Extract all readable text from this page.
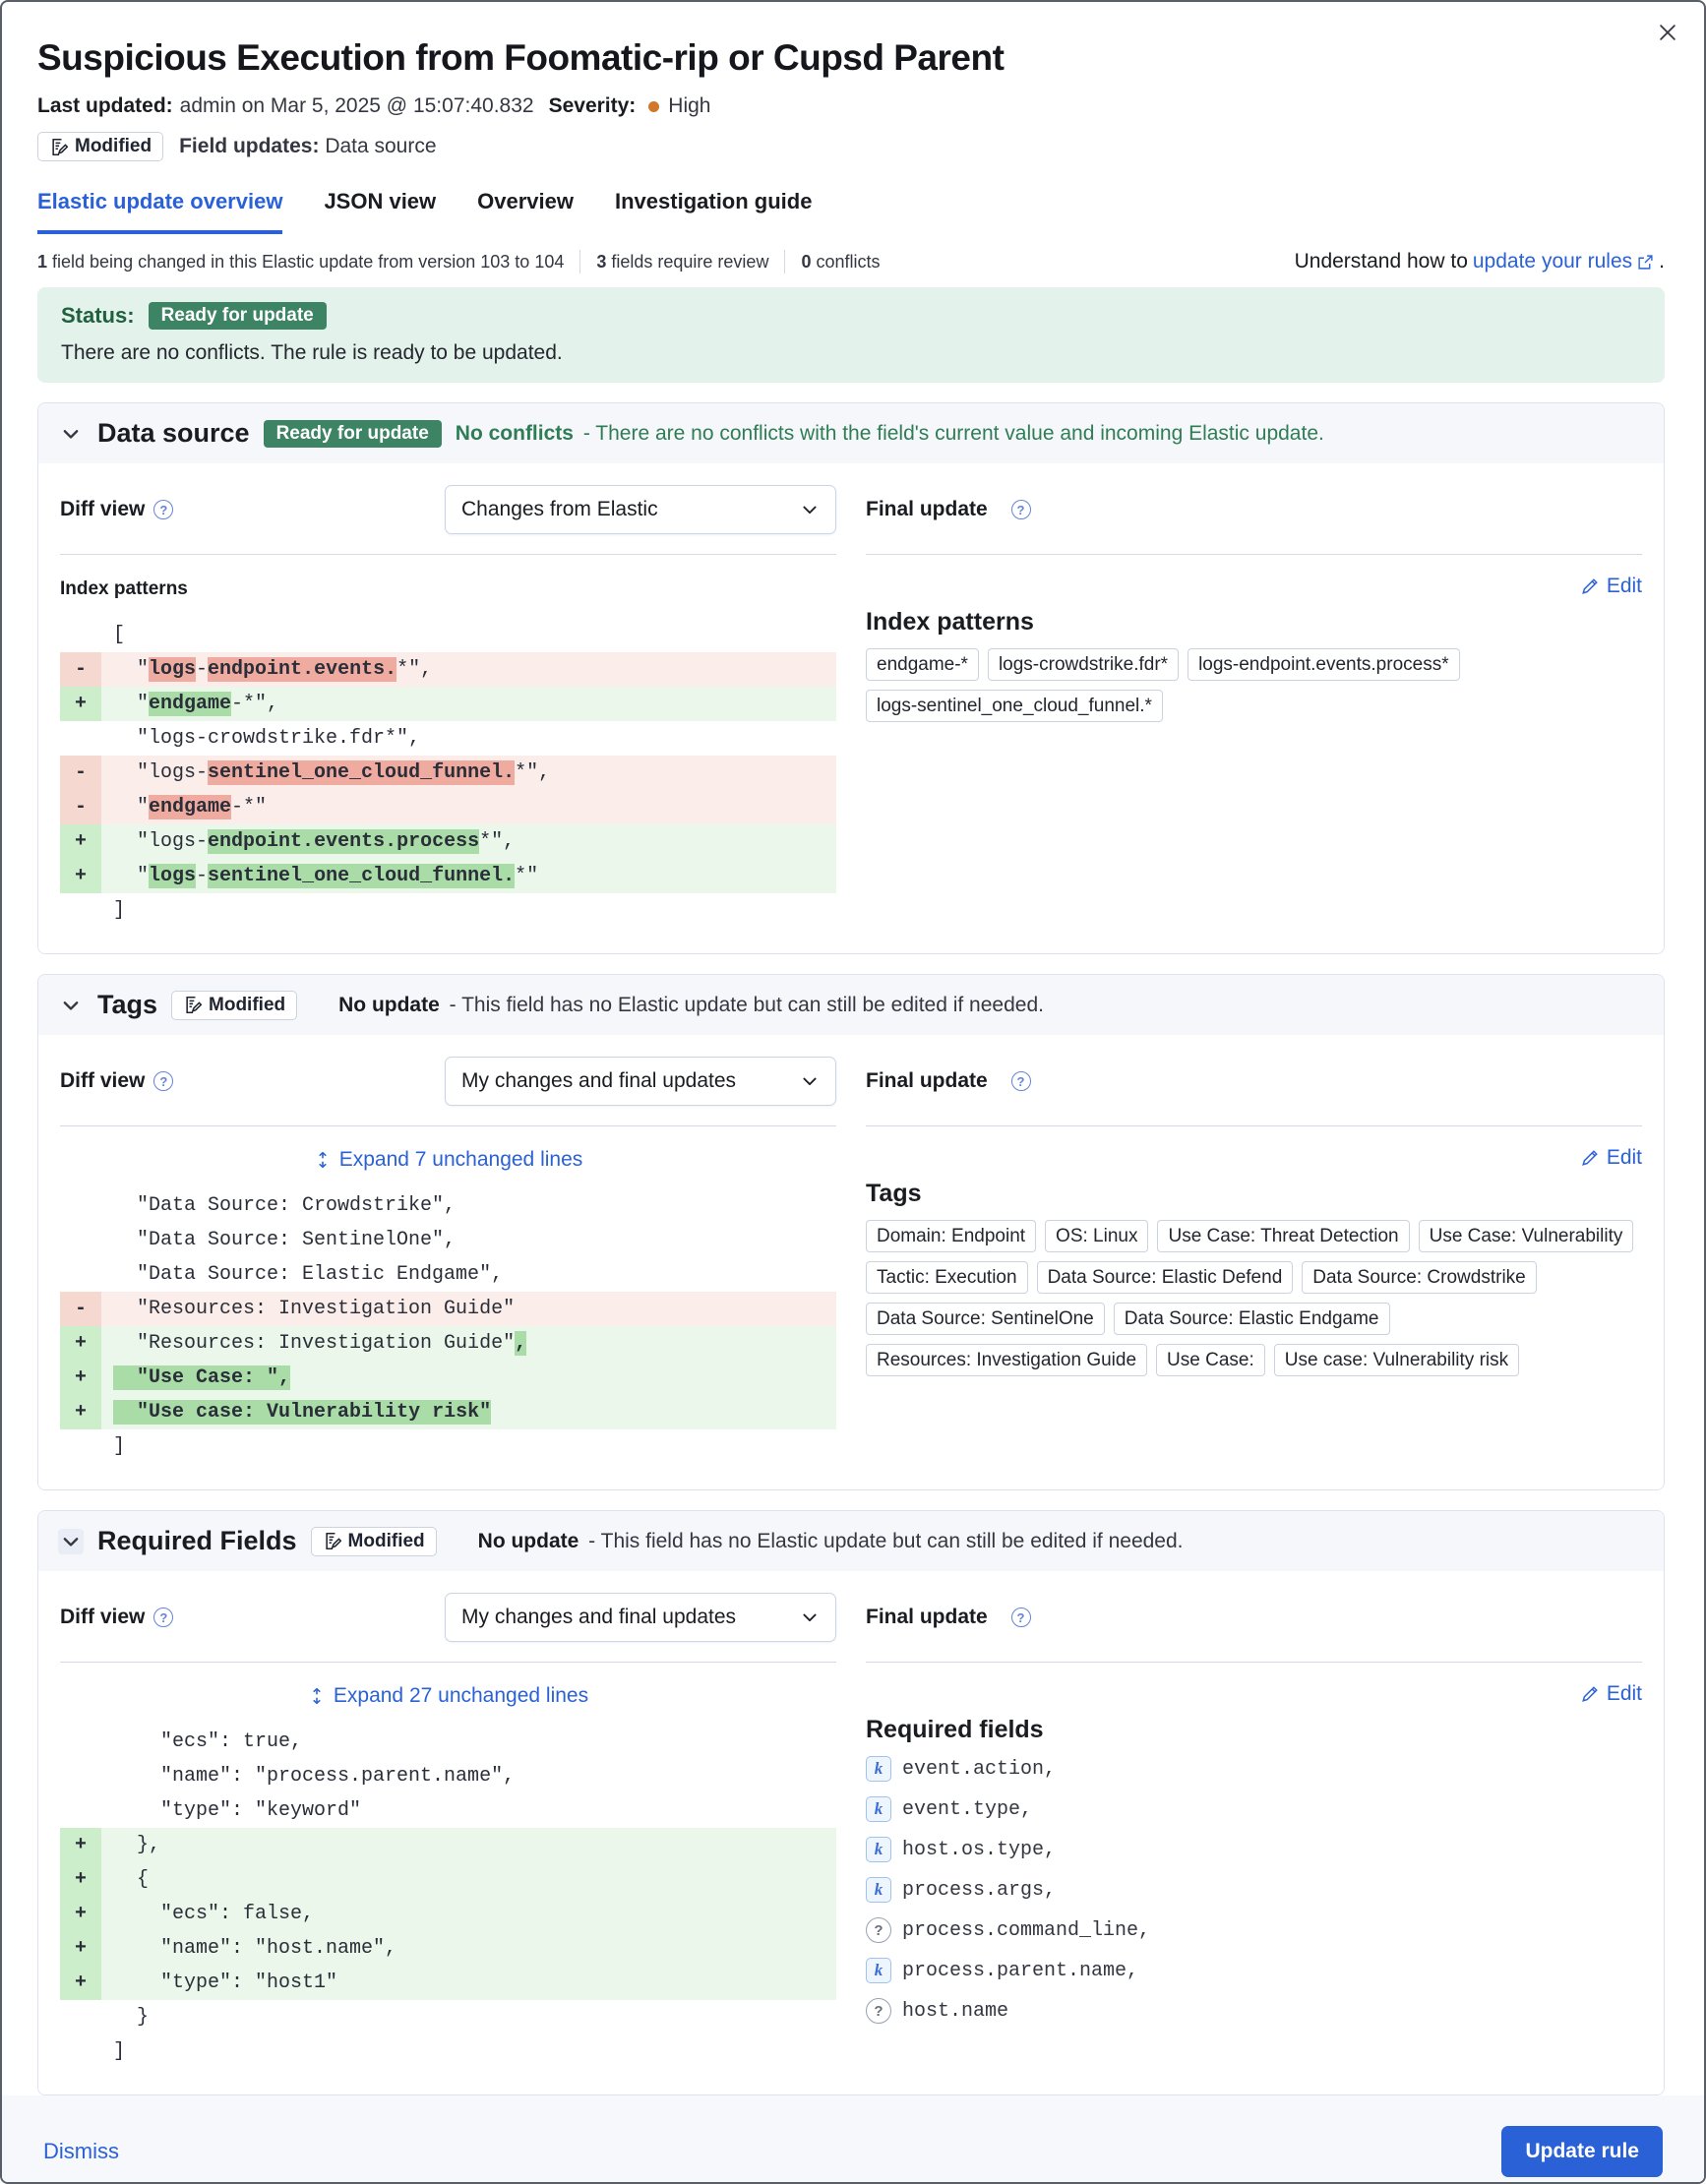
Suspicious Execution from Foomatic-rip or Cupsd Parent
Last updated: admin on Mar 5, 2025 @ 15:07:40.832 Severity: High
Modified Field updates: Data source
Elastic update overview JSON view Overview Investigation guide
1 field being changed in this Elastic update from version 103 to 104 3 fields require review 0 conflicts	Understand how to update your rules .
Status:	Ready for update
There are no conflicts. The rule is ready to be updated.
Data source	Ready for update	No conflicts - There are no conflicts with the field's current value and incoming Elastic update.
Diff view	?	Changes from Elastic
Index patterns
[
- "logs-endpoint.events.*",
+ "endgame-*",
"logs-crowdstrike.fdr*",
- "logs-sentinel_one_cloud_funnel.*",
- "endgame-*"
+ "logs-endpoint.events.process*",
+ "logs-sentinel_one_cloud_funnel.*"
]
Final update
	?
Edit
Index patterns
endgame-*	logs-crowdstrike.fdr*	logs-endpoint.events.process*
logs-sentinel_one_cloud_funnel.*
Tags	Modified	No update - This field has no Elastic update but can still be edited if needed.
Diff view	?	My changes and final updates
Expand 7 unchanged lines
"Data Source: Crowdstrike",
"Data Source: SentinelOne",
"Data Source: Elastic Endgame",
- "Resources: Investigation Guide"
+ "Resources: Investigation Guide",
+	"Use Case: ",
+	"Use case: Vulnerability risk"
]
Final update
	?
Edit
Tags
Domain: Endpoint	OS: Linux	Use Case: Threat Detection	Use Case: Vulnerability
Tactic: Execution	Data Source: Elastic Defend	Data Source: Crowdstrike
Data Source: SentinelOne	Data Source: Elastic Endgame
Resources: Investigation Guide	Use Case:	Use case: Vulnerability risk
Required Fields	Modified	No update - This field has no Elastic update but can still be edited if needed.
Diff view	?	My changes and final updates
Expand 27 unchanged lines
"ecs": true,
"name": "process.parent.name",
"type": "keyword"
+ },
+ {
+ "ecs": false,
+ "name": "host.name",
+ "type": "host1"
}
]
Final update
	?
Edit
Required fields
k event.action,
k event.type,
k host.os.type,
k process.args,
? process.command_line,
k process.parent.name,
? host.name
Dismiss	Update rule
